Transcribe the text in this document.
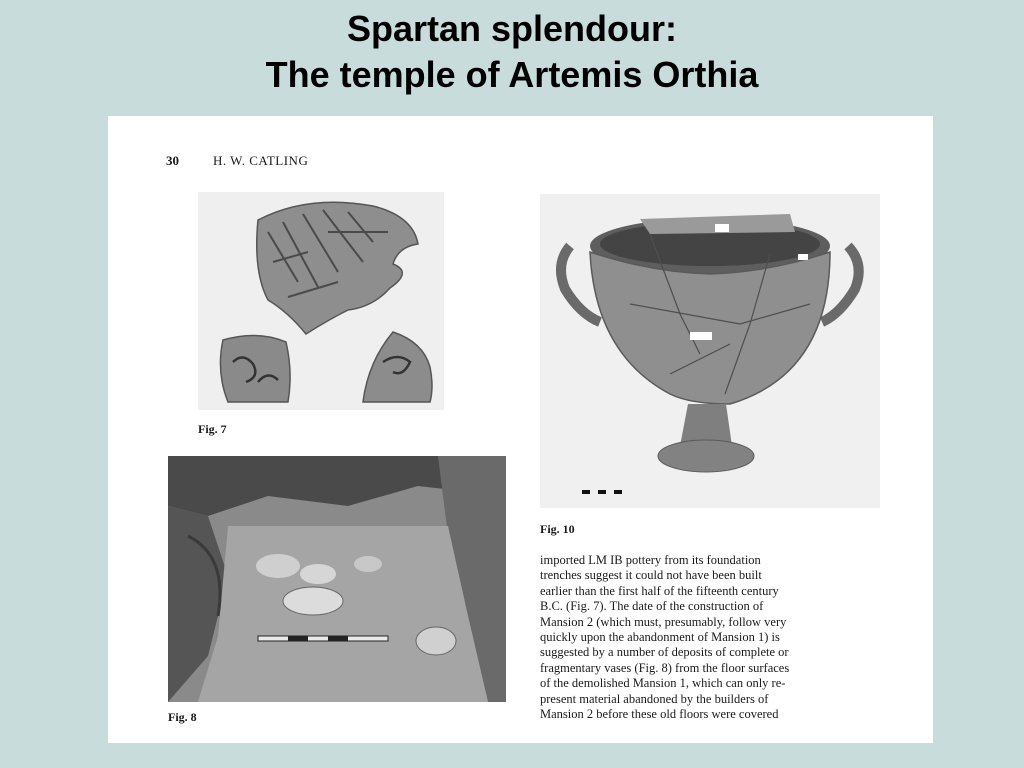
Spartan splendour:
The temple of Artemis Orthia
30	H. W. CATLING
Fig. 7
Fig. 10
Fig. 8
imported LM IB pottery from its foundation
trenches suggest it could not have been built
earlier than the first half of the fifteenth century
B.C. (Fig. 7). The date of the construction of
Mansion 2 (which must, presumably, follow very
quickly upon the abandonment of Mansion 1) is
suggested by a number of deposits of complete or
fragmentary vases (Fig. 8) from the floor surfaces
of the demolished Mansion 1, which can only re-
present material abandoned by the builders of
Mansion 2 before these old floors were covered
